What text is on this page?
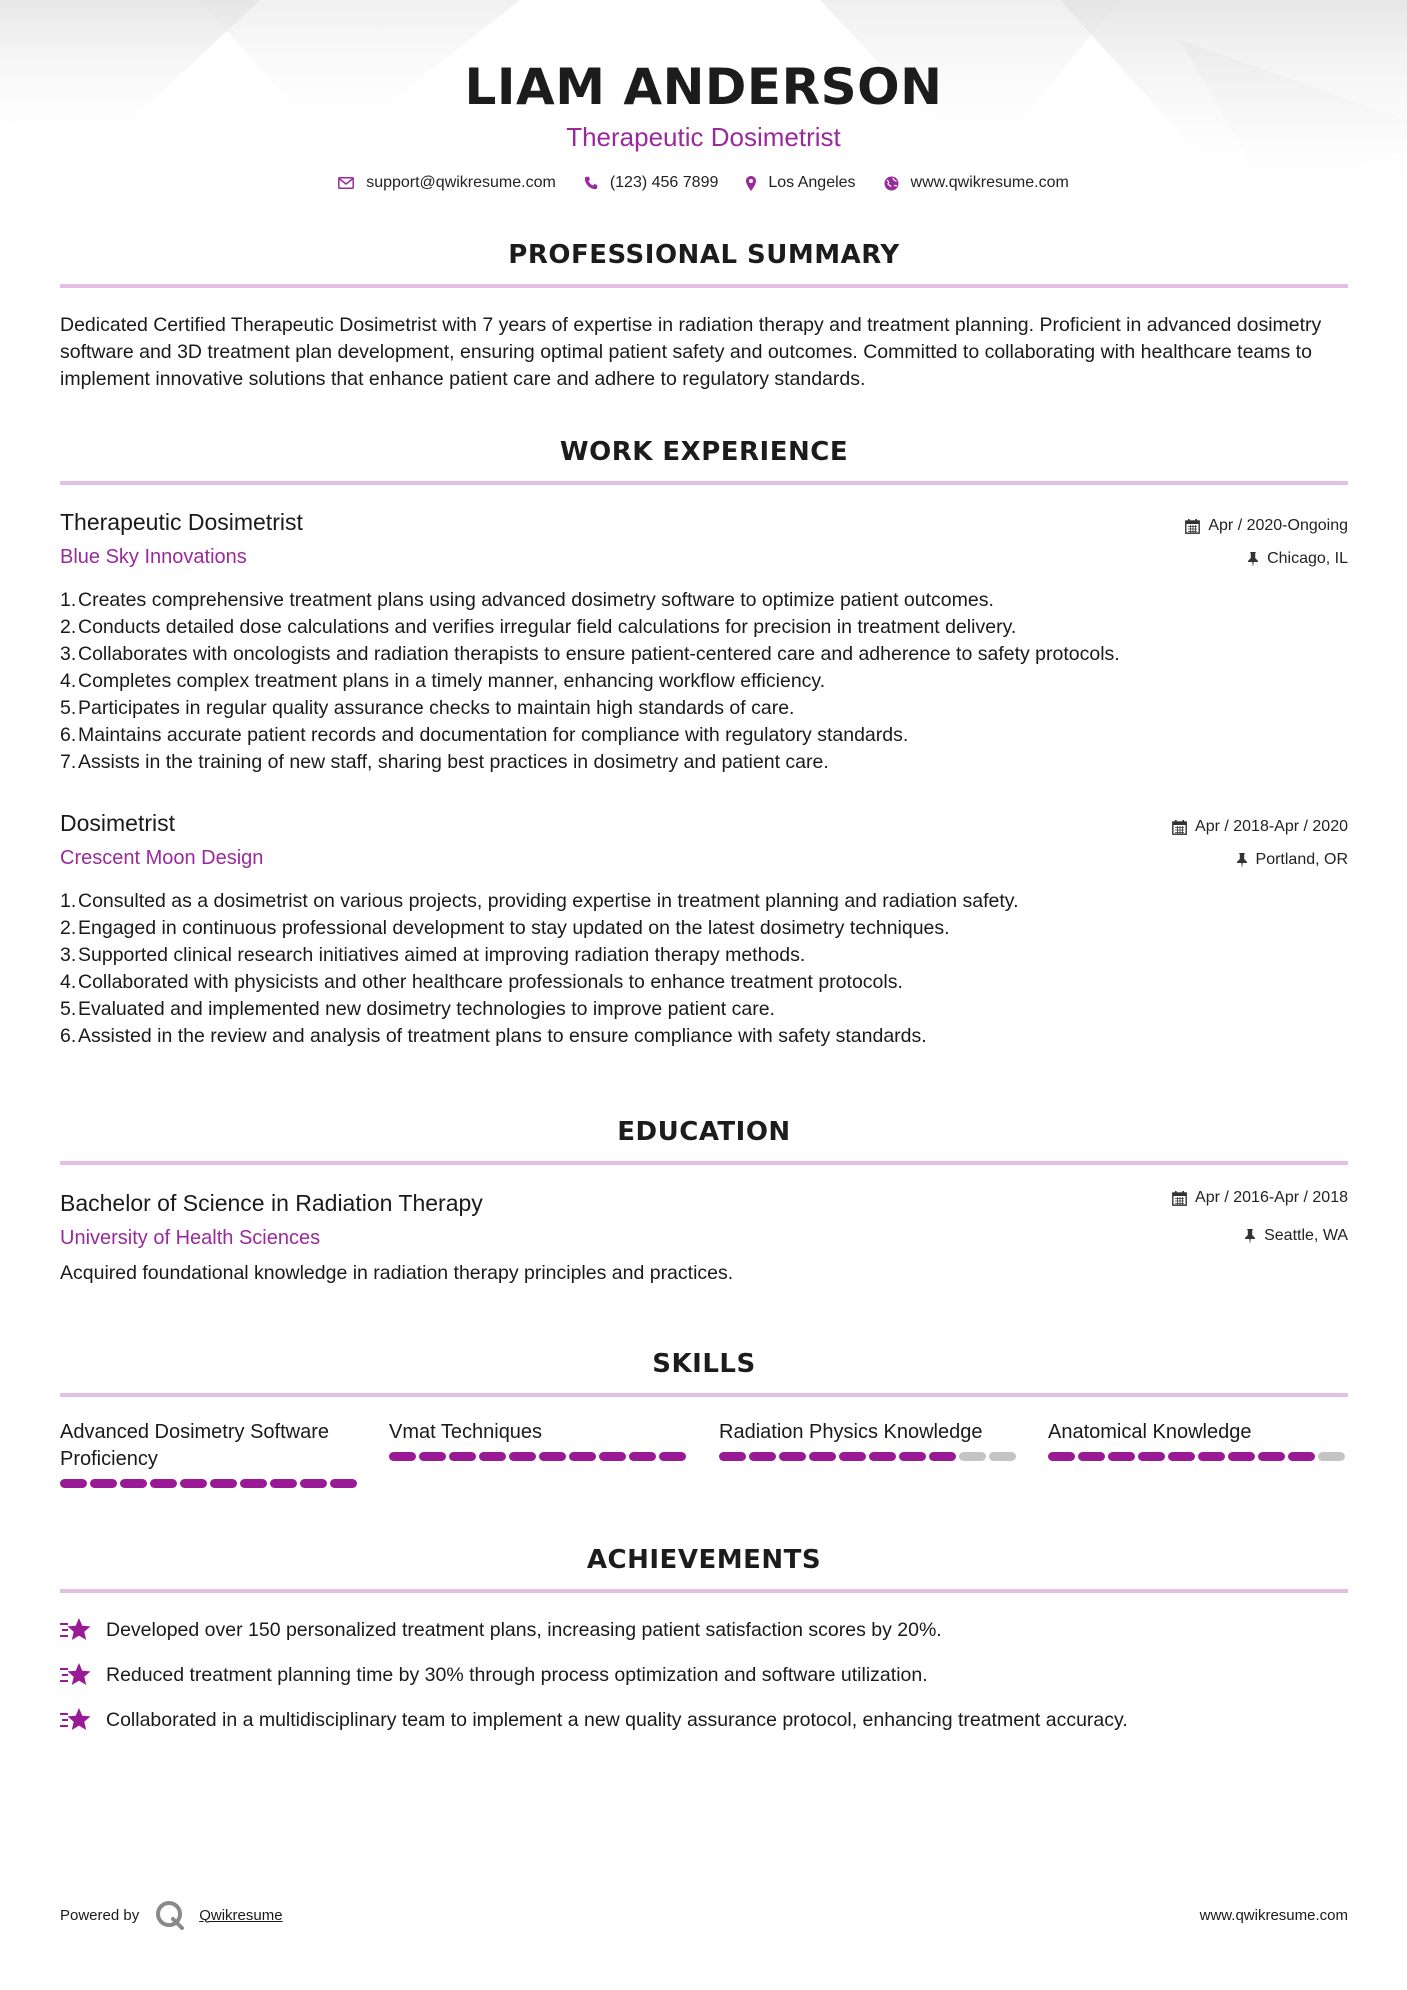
LIAM ANDERSON
Therapeutic Dosimetrist
support@qwikresume.com	(123) 456 7899	Los Angeles	www.qwikresume.com
PROFESSIONAL SUMMARY
Dedicated Certified Therapeutic Dosimetrist with 7 years of expertise in radiation therapy and treatment planning. Proficient in advanced dosimetry software and 3D treatment plan development, ensuring optimal patient safety and outcomes. Committed to collaborating with healthcare teams to implement innovative solutions that enhance patient care and adhere to regulatory standards.
WORK EXPERIENCE
Therapeutic Dosimetrist
Blue Sky Innovations
Apr / 2020-Ongoing
Chicago, IL
1. Creates comprehensive treatment plans using advanced dosimetry software to optimize patient outcomes.
2. Conducts detailed dose calculations and verifies irregular field calculations for precision in treatment delivery.
3. Collaborates with oncologists and radiation therapists to ensure patient-centered care and adherence to safety protocols.
4. Completes complex treatment plans in a timely manner, enhancing workflow efficiency.
5. Participates in regular quality assurance checks to maintain high standards of care.
6. Maintains accurate patient records and documentation for compliance with regulatory standards.
7. Assists in the training of new staff, sharing best practices in dosimetry and patient care.
Dosimetrist
Crescent Moon Design
Apr / 2018-Apr / 2020
Portland, OR
1. Consulted as a dosimetrist on various projects, providing expertise in treatment planning and radiation safety.
2. Engaged in continuous professional development to stay updated on the latest dosimetry techniques.
3. Supported clinical research initiatives aimed at improving radiation therapy methods.
4. Collaborated with physicists and other healthcare professionals to enhance treatment protocols.
5. Evaluated and implemented new dosimetry technologies to improve patient care.
6. Assisted in the review and analysis of treatment plans to ensure compliance with safety standards.
EDUCATION
Bachelor of Science in Radiation Therapy
University of Health Sciences
Apr / 2016-Apr / 2018
Seattle, WA
Acquired foundational knowledge in radiation therapy principles and practices.
SKILLS
Advanced Dosimetry Software Proficiency
Vmat Techniques	Radiation Physics Knowledge	Anatomical Knowledge
ACHIEVEMENTS
Developed over 150 personalized treatment plans, increasing patient satisfaction scores by 20%.
Reduced treatment planning time by 30% through process optimization and software utilization.
Collaborated in a multidisciplinary team to implement a new quality assurance protocol, enhancing treatment accuracy.
Powered by	Qwikresume	www.qwikresume.com
